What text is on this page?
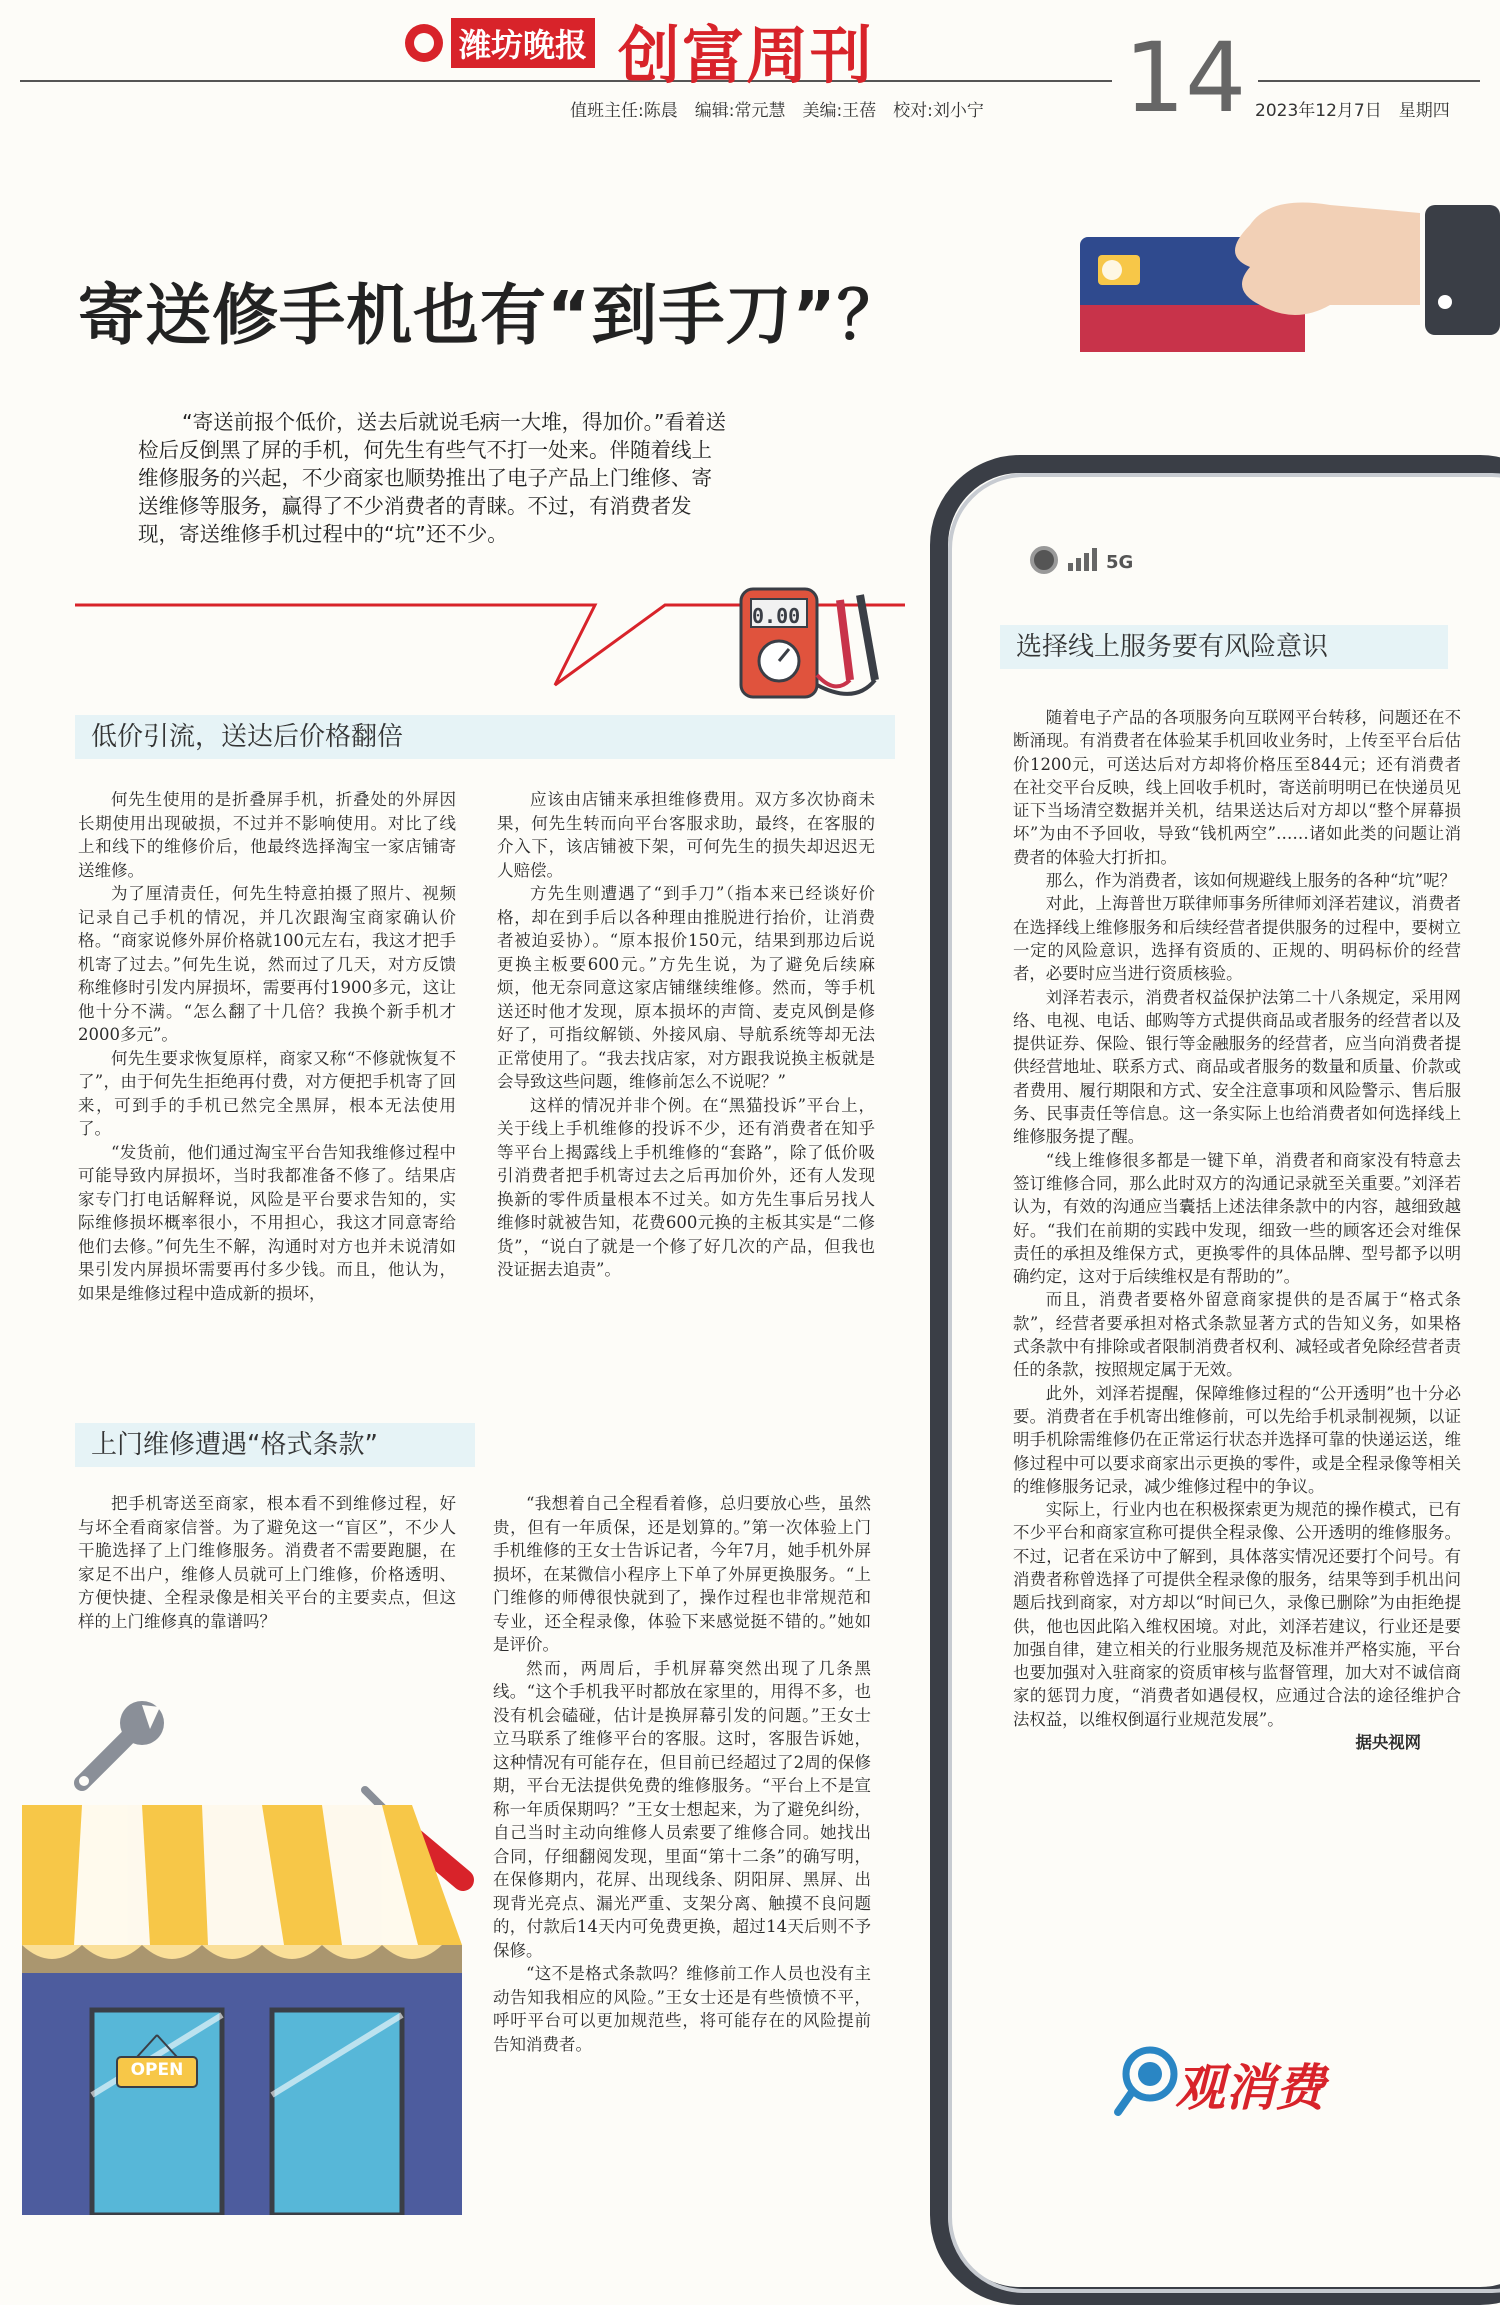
潍坊晚报 创富周刊
值班主任:陈晨　编辑:常元慧　美编:王蓓　校对:刘小宁 14 2023年12月7日　星期四
寄送修手机也有“到手刀”？
“寄送前报个低价，送去后就说毛病一大堆，得加价。”看着送检后反倒黑了屏的手机，何先生有些气不打一处来。伴随着线上维修服务的兴起，不少商家也顺势推出了电子产品上门维修、寄送维修等服务，赢得了不少消费者的青睐。不过，有消费者发现，寄送维修手机过程中的“坑”还不少。
0.00
低价引流，送达后价格翻倍

何先生使用的是折叠屏手机，折叠处的外屏因长期使用出现破损，不过并不影响使用。对比了线上和线下的维修价后，他最终选择淘宝一家店铺寄送维修。

为了厘清责任，何先生特意拍摄了照片、视频记录自己手机的情况，并几次跟淘宝商家确认价格。“商家说修外屏价格就100元左右，我这才把手机寄了过去。”何先生说，然而过了几天，对方反馈称维修时引发内屏损坏，需要再付1900多元，这让他十分不满。“怎么翻了十几倍？我换个新手机才2000多元”。

何先生要求恢复原样，商家又称“不修就恢复不了”，由于何先生拒绝再付费，对方便把手机寄了回来，可到手的手机已然完全黑屏，根本无法使用了。

“发货前，他们通过淘宝平台告知我维修过程中可能导致内屏损坏，当时我都准备不修了。结果店家专门打电话解释说，风险是平台要求告知的，实际维修损坏概率很小，不用担心，我这才同意寄给他们去修。”何先生不解，沟通时对方也并未说清如果引发内屏损坏需要再付多少钱。而且，他认为，如果是维修过程中造成新的损坏，

应该由店铺来承担维修费用。双方多次协商未果，何先生转而向平台客服求助，最终，在客服的介入下，该店铺被下架，可何先生的损失却迟迟无人赔偿。

方先生则遭遇了“到手刀”（指本来已经谈好价格，却在到手后以各种理由推脱进行抬价，让消费者被迫妥协）。“原本报价150元，结果到那边后说更换主板要600元。”方先生说，为了避免后续麻烦，他无奈同意这家店铺继续维修。然而，等手机送还时他才发现，原本损坏的声筒、麦克风倒是修好了，可指纹解锁、外接风扇、导航系统等却无法正常使用了。“我去找店家，对方跟我说换主板就是会导致这些问题，维修前怎么不说呢？”

这样的情况并非个例。在“黑猫投诉”平台上，关于线上手机维修的投诉不少，还有消费者在知乎等平台上揭露线上手机维修的“套路”，除了低价吸引消费者把手机寄过去之后再加价外，还有人发现换新的零件质量根本不过关。如方先生事后另找人维修时就被告知，花费600元换的主板其实是“二修货”，“说白了就是一个修了好几次的产品，但我也没证据去追责”。

上门维修遭遇“格式条款”

把手机寄送至商家，根本看不到维修过程，好与坏全看商家信誉。为了避免这一“盲区”，不少人干脆选择了上门维修服务。消费者不需要跑腿，在家足不出户，维修人员就可上门维修，价格透明、方便快捷、全程录像是相关平台的主要卖点，但这样的上门维修真的靠谱吗？

“我想着自己全程看着修，总归要放心些，虽然贵，但有一年质保，还是划算的。”第一次体验上门手机维修的王女士告诉记者，今年7月，她手机外屏损坏，在某微信小程序上下单了外屏更换服务。“上门维修的师傅很快就到了，操作过程也非常规范和专业，还全程录像，体验下来感觉挺不错的。”她如是评价。

然而，两周后，手机屏幕突然出现了几条黑线。“这个手机我平时都放在家里的，用得不多，也没有机会磕碰，估计是换屏幕引发的问题。”王女士立马联系了维修平台的客服。这时，客服告诉她，这种情况有可能存在，但目前已经超过了2周的保修期，平台无法提供免费的维修服务。“平台上不是宣称一年质保期吗？”王女士想起来，为了避免纠纷，自己当时主动向维修人员索要了维修合同。她找出合同，仔细翻阅发现，里面“第十二条”的确写明，在保修期内，花屏、出现线条、阴阳屏、黑屏、出现背光亮点、漏光严重、支架分离、触摸不良问题的，付款后14天内可免费更换，超过14天后则不予保修。

“这不是格式条款吗？维修前工作人员也没有主动告知我相应的风险。”王女士还是有些愤愤不平，呼吁平台可以更加规范些，将可能存在的风险提前告知消费者。

OPEN
5G
选择线上服务要有风险意识

随着电子产品的各项服务向互联网平台转移，问题还在不断涌现。有消费者在体验某手机回收业务时，上传至平台后估价1200元，可送达后对方却将价格压至844元；还有消费者在社交平台反映，线上回收手机时，寄送前明明已在快递员见证下当场清空数据并关机，结果送达后对方却以“整个屏幕损坏”为由不予回收，导致“钱机两空”……诸如此类的问题让消费者的体验大打折扣。

那么，作为消费者，该如何规避线上服务的各种“坑”呢？

对此，上海普世万联律师事务所律师刘泽若建议，消费者在选择线上维修服务和后续经营者提供服务的过程中，要树立一定的风险意识，选择有资质的、正规的、明码标价的经营者，必要时应当进行资质核验。

刘泽若表示，消费者权益保护法第二十八条规定，采用网络、电视、电话、邮购等方式提供商品或者服务的经营者以及提供证券、保险、银行等金融服务的经营者，应当向消费者提供经营地址、联系方式、商品或者服务的数量和质量、价款或者费用、履行期限和方式、安全注意事项和风险警示、售后服务、民事责任等信息。这一条实际上也给消费者如何选择线上维修服务提了醒。

“线上维修很多都是一键下单，消费者和商家没有特意去签订维修合同，那么此时双方的沟通记录就至关重要。”刘泽若认为，有效的沟通应当囊括上述法律条款中的内容，越细致越好。“我们在前期的实践中发现，细致一些的顾客还会对维保责任的承担及维保方式，更换零件的具体品牌、型号都予以明确约定，这对于后续维权是有帮助的”。

而且，消费者要格外留意商家提供的是否属于“格式条款”，经营者要承担对格式条款显著方式的告知义务，如果格式条款中有排除或者限制消费者权利、减轻或者免除经营者责任的条款，按照规定属于无效。

此外，刘泽若提醒，保障维修过程的“公开透明”也十分必要。消费者在手机寄出维修前，可以先给手机录制视频，以证明手机除需维修仍在正常运行状态并选择可靠的快递运送，维修过程中可以要求商家出示更换的零件，或是全程录像等相关的维修服务记录，减少维修过程中的争议。

实际上，行业内也在积极探索更为规范的操作模式，已有不少平台和商家宣称可提供全程录像、公开透明的维修服务。不过，记者在采访中了解到，具体落实情况还要打个问号。有消费者称曾选择了可提供全程录像的服务，结果等到手机出问题后找到商家，对方却以“时间已久，录像已删除”为由拒绝提供，他也因此陷入维权困境。对此，刘泽若建议，行业还是要加强自律，建立相关的行业服务规范及标准并严格实施，平台也要加强对入驻商家的资质审核与监督管理，加大对不诚信商家的惩罚力度，“消费者如遇侵权，应通过合法的途径维护合法权益，以维权倒逼行业规范发展”。

据央视网
观消费
